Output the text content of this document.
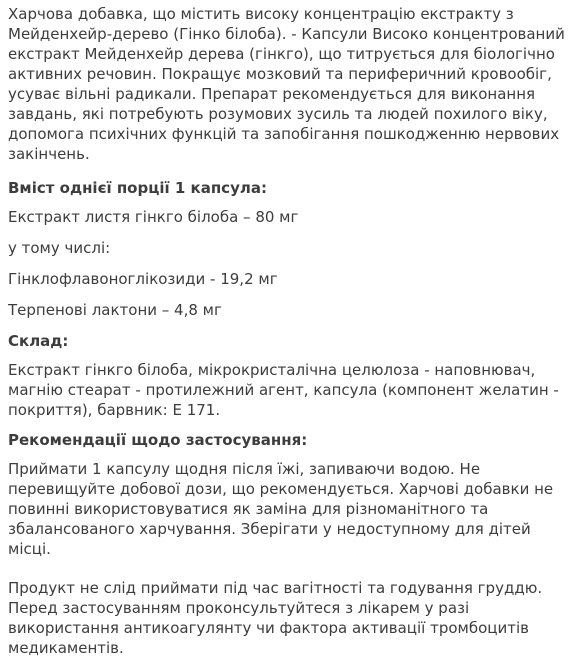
Харчова добавка, що містить високу концентрацію екстракту з Мейденхейр-дерево (Гінко білоба). - Капсули Високо концентрований екстракт Мейденхейр дерева (гінкго), що титрується для біологічно активних речовин. Покращує мозковий та периферичний кровообіг, усуває вільні радикали. Препарат рекомендується для виконання завдань, які потребують розумових зусиль та людей похилого віку, допомога психічних функцій та запобігання пошкодженню нервових закінчень.

Вміст однієї порції 1 капсула:

Екстракт листя гінкго білоба – 80 мг

у тому числі:

Гінклофлавоноглікозиди - 19,2 мг

Терпенові лактони – 4,8 мг

Склад:

Екстракт гінкго білоба, мікрокристалічна целюлоза - наповнювач, магнію стеарат - протилежний агент, капсула (компонент желатин - покриття), барвник: E 171.

Рекомендації щодо застосування:

Приймати 1 капсулу щодня після їжі, запиваючи водою. Не перевищуйте добової дози, що рекомендується. Харчові добавки не повинні використовуватися як заміна для різноманітного та збалансованого харчування. Зберігати у недоступному для дітей місці.

Продукт не слід приймати під час вагітності та годування груддю. Перед застосуванням проконсультуйтеся з лікарем у разі використання антикоагулянту чи фактора активації тромбоцитів медикаментів.
